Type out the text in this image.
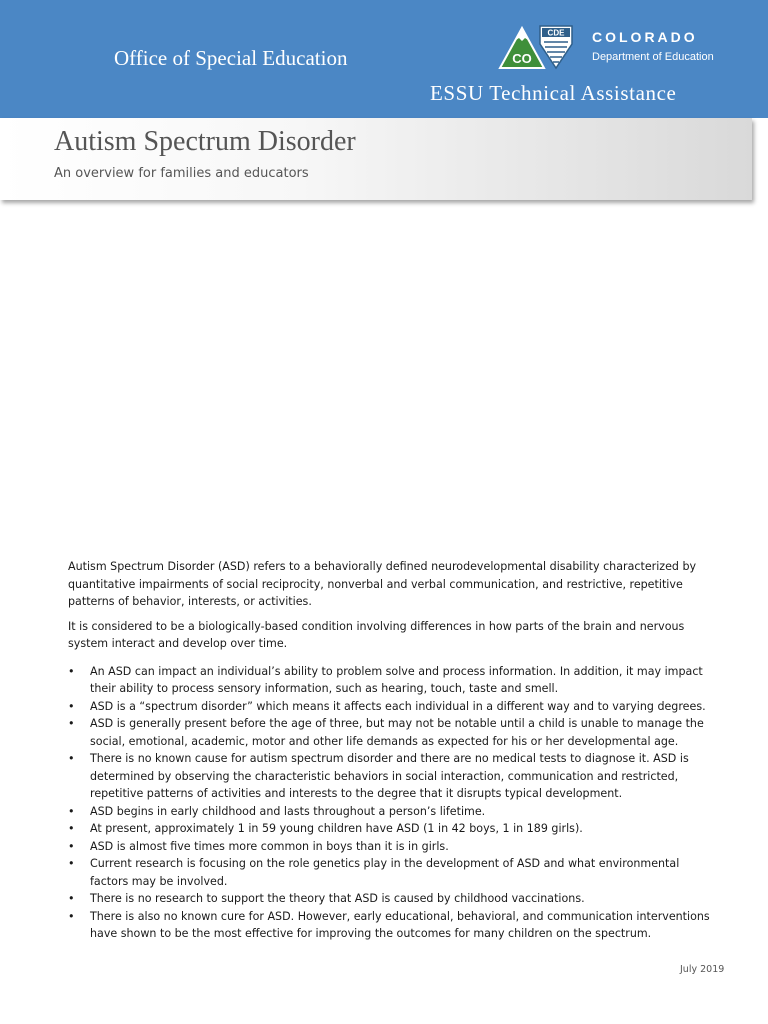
Office of Special Education	CO
CDE COLORADO
Department of Education
ESSU Technical Assistance
Autism Spectrum Disorder
An overview for families and educators

Autism Spectrum Disorder (ASD) refers to a behaviorally defined neurodevelopmental disability characterized by quantitative impairments of social reciprocity, nonverbal and verbal communication, and restrictive, repetitive patterns of behavior, interests, or activities.

It is considered to be a biologically-based condition involving differences in how parts of the brain and nervous system interact and develop over time.

• An ASD can impact an individual’s ability to problem solve and process information. In addition, it may impact their ability to process sensory information, such as hearing, touch, taste and smell.
• ASD is a “spectrum disorder” which means it affects each individual in a different way and to varying degrees.
• ASD is generally present before the age of three, but may not be notable until a child is unable to manage the social, emotional, academic, motor and other life demands as expected for his or her developmental age.
• There is no known cause for autism spectrum disorder and there are no medical tests to diagnose it. ASD is determined by observing the characteristic behaviors in social interaction, communication and restricted, repetitive patterns of activities and interests to the degree that it disrupts typical development.
• ASD begins in early childhood and lasts throughout a person’s lifetime.
• At present, approximately 1 in 59 young children have ASD (1 in 42 boys, 1 in 189 girls).
• ASD is almost five times more common in boys than it is in girls.
• Current research is focusing on the role genetics play in the development of ASD and what environmental factors may be involved.
• There is no research to support the theory that ASD is caused by childhood vaccinations.
• There is also no known cure for ASD. However, early educational, behavioral, and communication interventions have shown to be the most effective for improving the outcomes for many children on the spectrum.
July 2019
